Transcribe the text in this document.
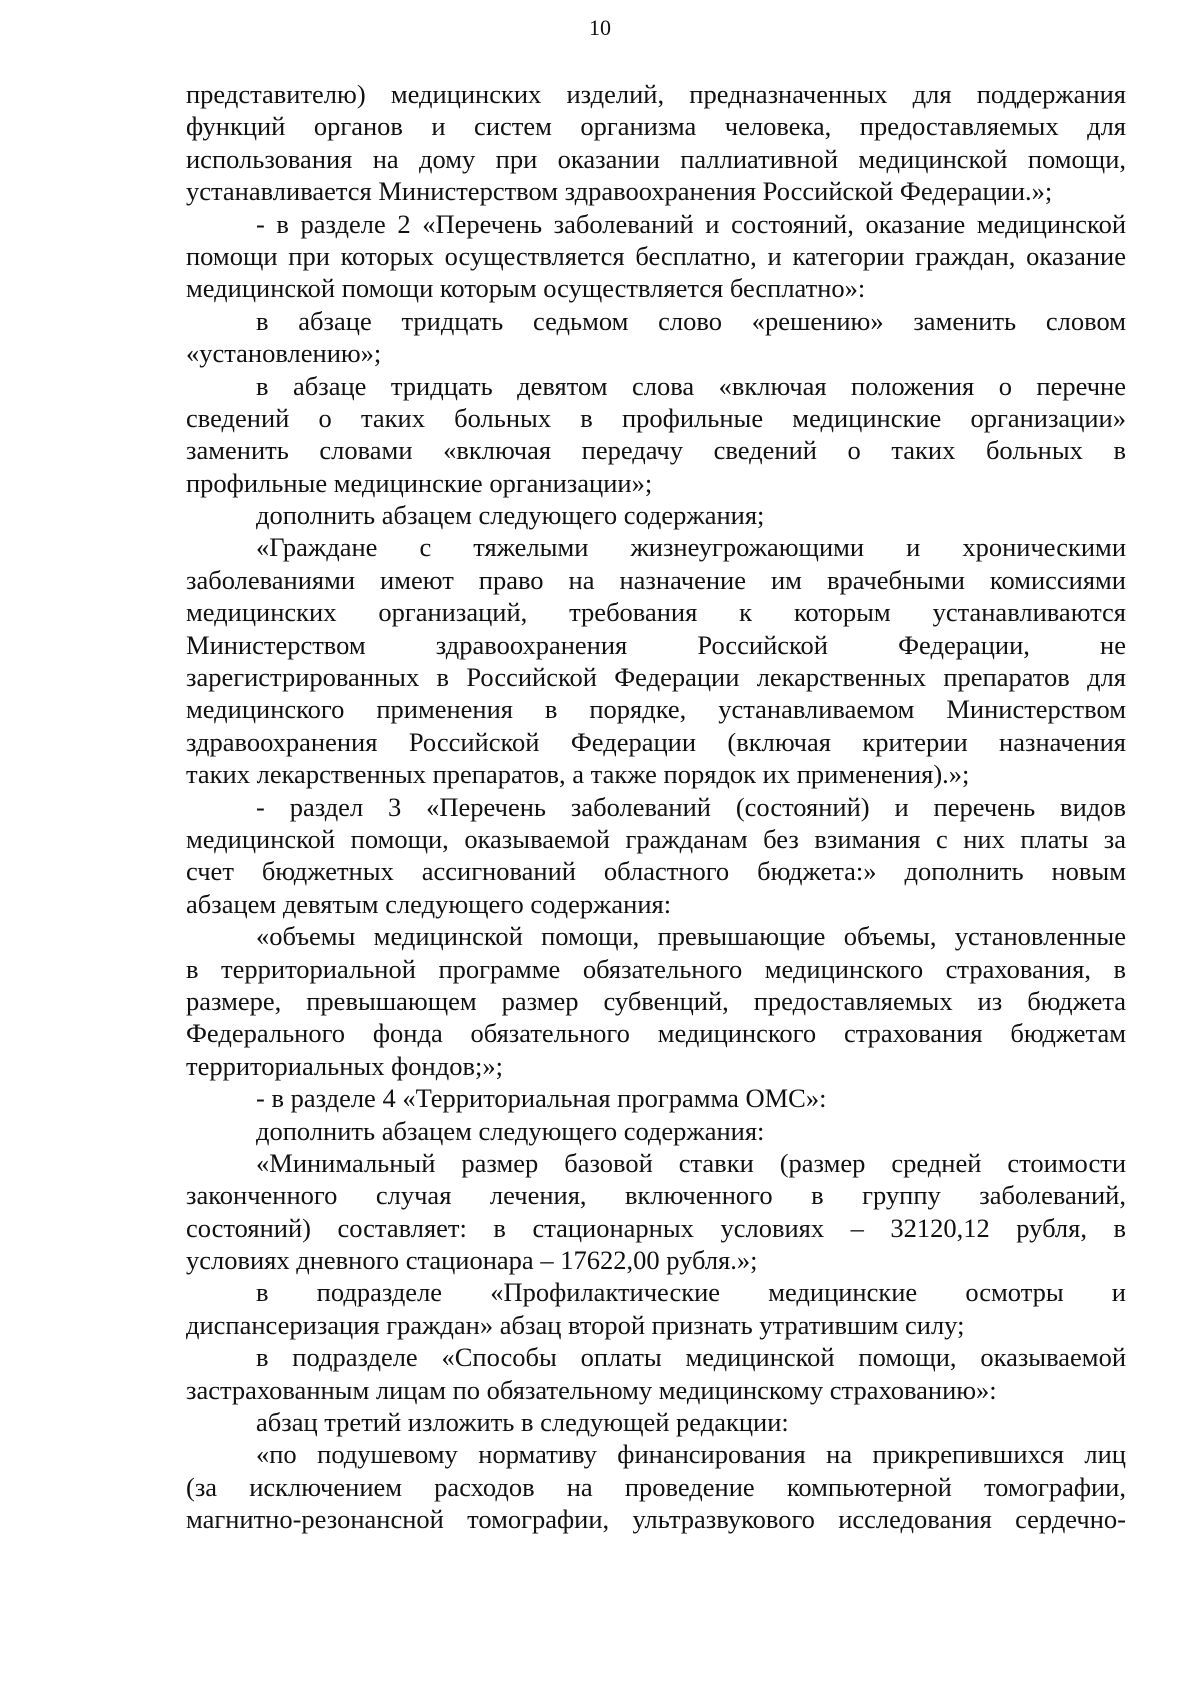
10
представителю) медицинских изделий, предназначенных для поддержания
функций органов и систем организма человека, предоставляемых для
использования на дому при оказании паллиативной медицинской помощи,
устанавливается Министерством здравоохранения Российской Федерации.»;
- в разделе 2 «Перечень заболеваний и состояний, оказание медицинской
помощи при которых осуществляется бесплатно, и категории граждан, оказание
медицинской помощи которым осуществляется бесплатно»:
в абзаце тридцать седьмом слово «решению» заменить словом
«установлению»;
в абзаце тридцать девятом слова «включая положения о перечне
сведений о таких больных в профильные медицинские организации»
заменить словами «включая передачу сведений о таких больных в
профильные медицинские организации»;
дополнить абзацем следующего содержания;
«Граждане с тяжелыми жизнеугрожающими и хроническими
заболеваниями имеют право на назначение им врачебными комиссиями
медицинских организаций, требования к которым устанавливаются
Министерством здравоохранения Российской Федерации, не
зарегистрированных в Российской Федерации лекарственных препаратов для
медицинского применения в порядке, устанавливаемом Министерством
здравоохранения Российской Федерации (включая критерии назначения
таких лекарственных препаратов, а также порядок их применения).»;
- раздел 3 «Перечень заболеваний (состояний) и перечень видов
медицинской помощи, оказываемой гражданам без взимания с них платы за
счет бюджетных ассигнований областного бюджета:» дополнить новым
абзацем девятым следующего содержания:
«объемы медицинской помощи, превышающие объемы, установленные
в территориальной программе обязательного медицинского страхования, в
размере, превышающем размер субвенций, предоставляемых из бюджета
Федерального фонда обязательного медицинского страхования бюджетам
территориальных фондов;»;
- в разделе 4 «Территориальная программа ОМС»:
дополнить абзацем следующего содержания:
«Минимальный размер базовой ставки (размер средней стоимости
законченного случая лечения, включенного в группу заболеваний,
состояний) составляет: в стационарных условиях – 32120,12 рубля, в
условиях дневного стационара – 17622,00 рубля.»;
в подразделе «Профилактические медицинские осмотры и
диспансеризация граждан» абзац второй признать утратившим силу;
в подразделе «Способы оплаты медицинской помощи, оказываемой
застрахованным лицам по обязательному медицинскому страхованию»:
абзац третий изложить в следующей редакции:
«по подушевому нормативу финансирования на прикрепившихся лиц
(за исключением расходов на проведение компьютерной томографии,
магнитно-резонансной томографии, ультразвукового исследования сердечно-
